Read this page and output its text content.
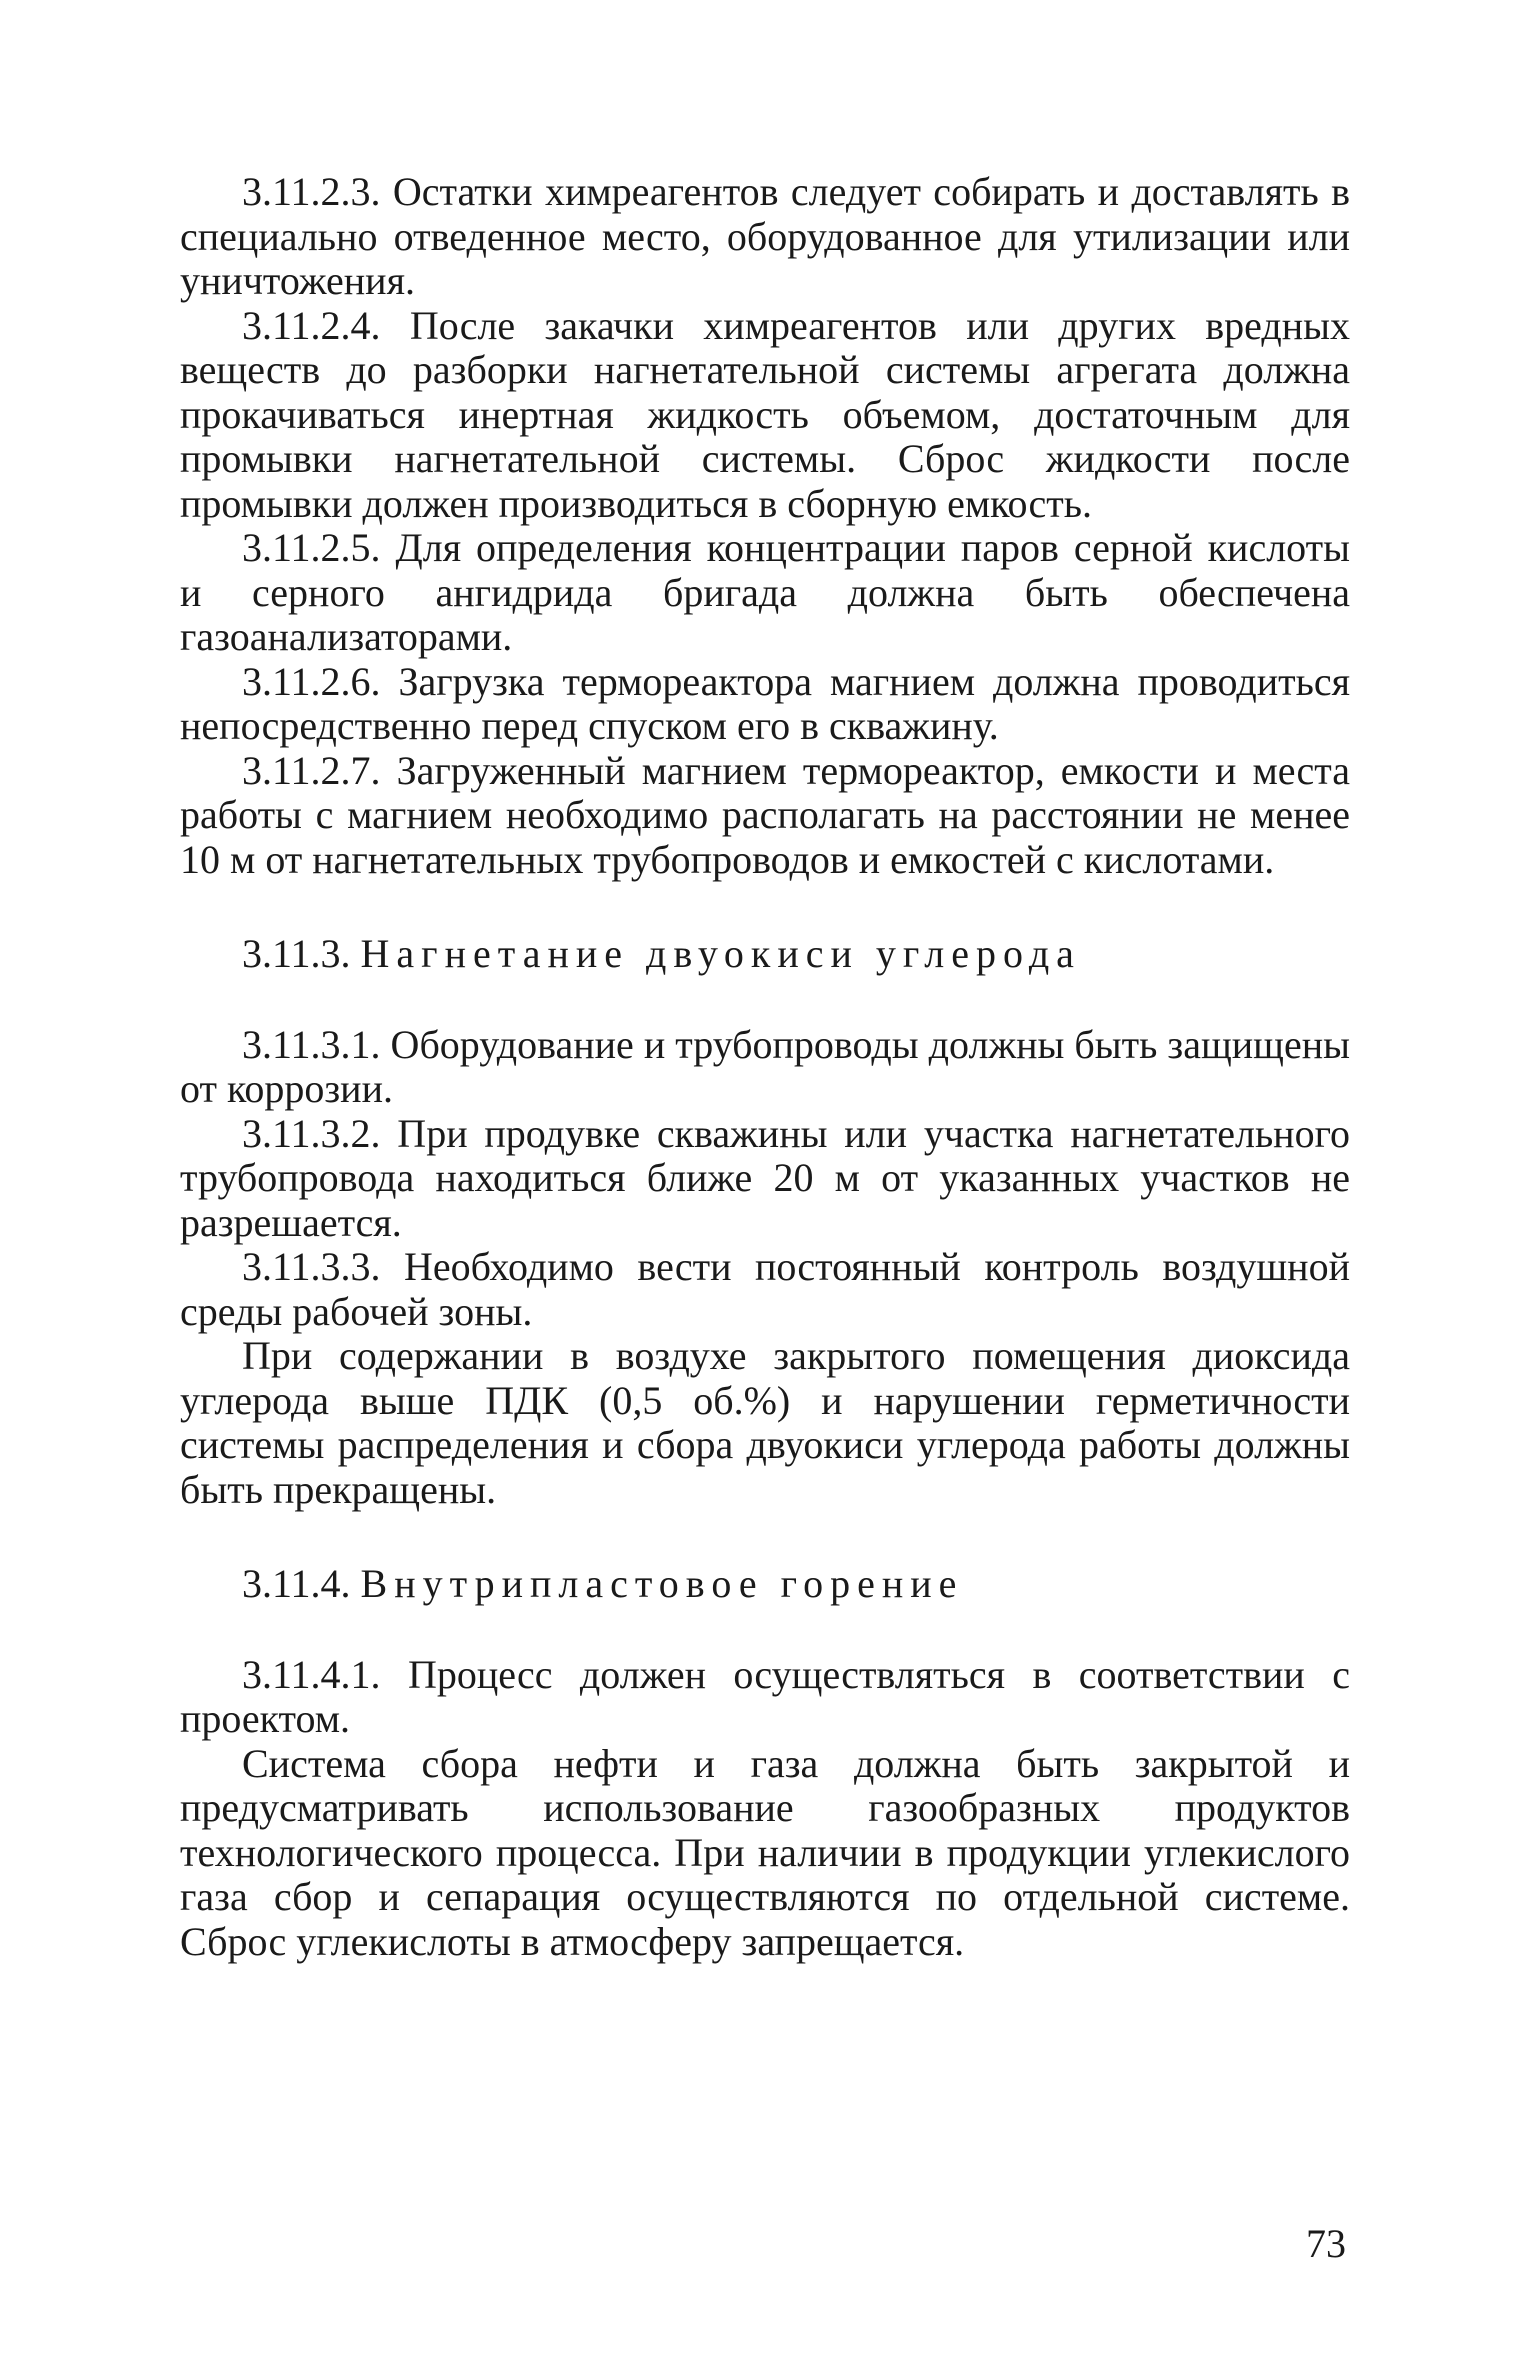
3.11.2.3. Остатки химреагентов следует собирать и доставлять в специально отведенное место, оборудованное для утилизации или уничтожения.

3.11.2.4. После закачки химреагентов или других вредных веществ до разборки нагнетательной системы агрегата должна прокачиваться инертная жидкость объемом, достаточным для промывки нагнетательной системы. Сброс жидкости после промывки должен производиться в сборную емкость.

3.11.2.5. Для определения концентрации паров серной кислоты и серного ангидрида бригада должна быть обеспечена газоанализаторами.

3.11.2.6. Загрузка термореактора магнием должна проводиться непосредственно перед спуском его в скважину.

3.11.2.7. Загруженный магнием термореактор, емкости и места работы с магнием необходимо располагать на расстоянии не менее 10 м от нагнетательных трубопроводов и емкостей с кислотами.

3.11.3. Нагнетание двуокиси углерода

3.11.3.1. Оборудование и трубопроводы должны быть защищены от коррозии.

3.11.3.2. При продувке скважины или участка нагнетательного трубопровода находиться ближе 20 м от указанных участков не разрешается.

3.11.3.3. Необходимо вести постоянный контроль воздушной среды рабочей зоны.

При содержании в воздухе закрытого помещения диоксида углерода выше ПДК (0,5 об.%) и нарушении герметичности системы распределения и сбора двуокиси углерода работы должны быть прекращены.

3.11.4. Внутрипластовое горение

3.11.4.1. Процесс должен осуществляться в соответствии с проектом.

Система сбора нефти и газа должна быть закрытой и предусматривать использование газообразных продуктов технологического процесса. При наличии в продукции углекислого газа сбор и сепарация осуществляются по отдельной системе. Сброс углекислоты в атмосферу запрещается.

73
